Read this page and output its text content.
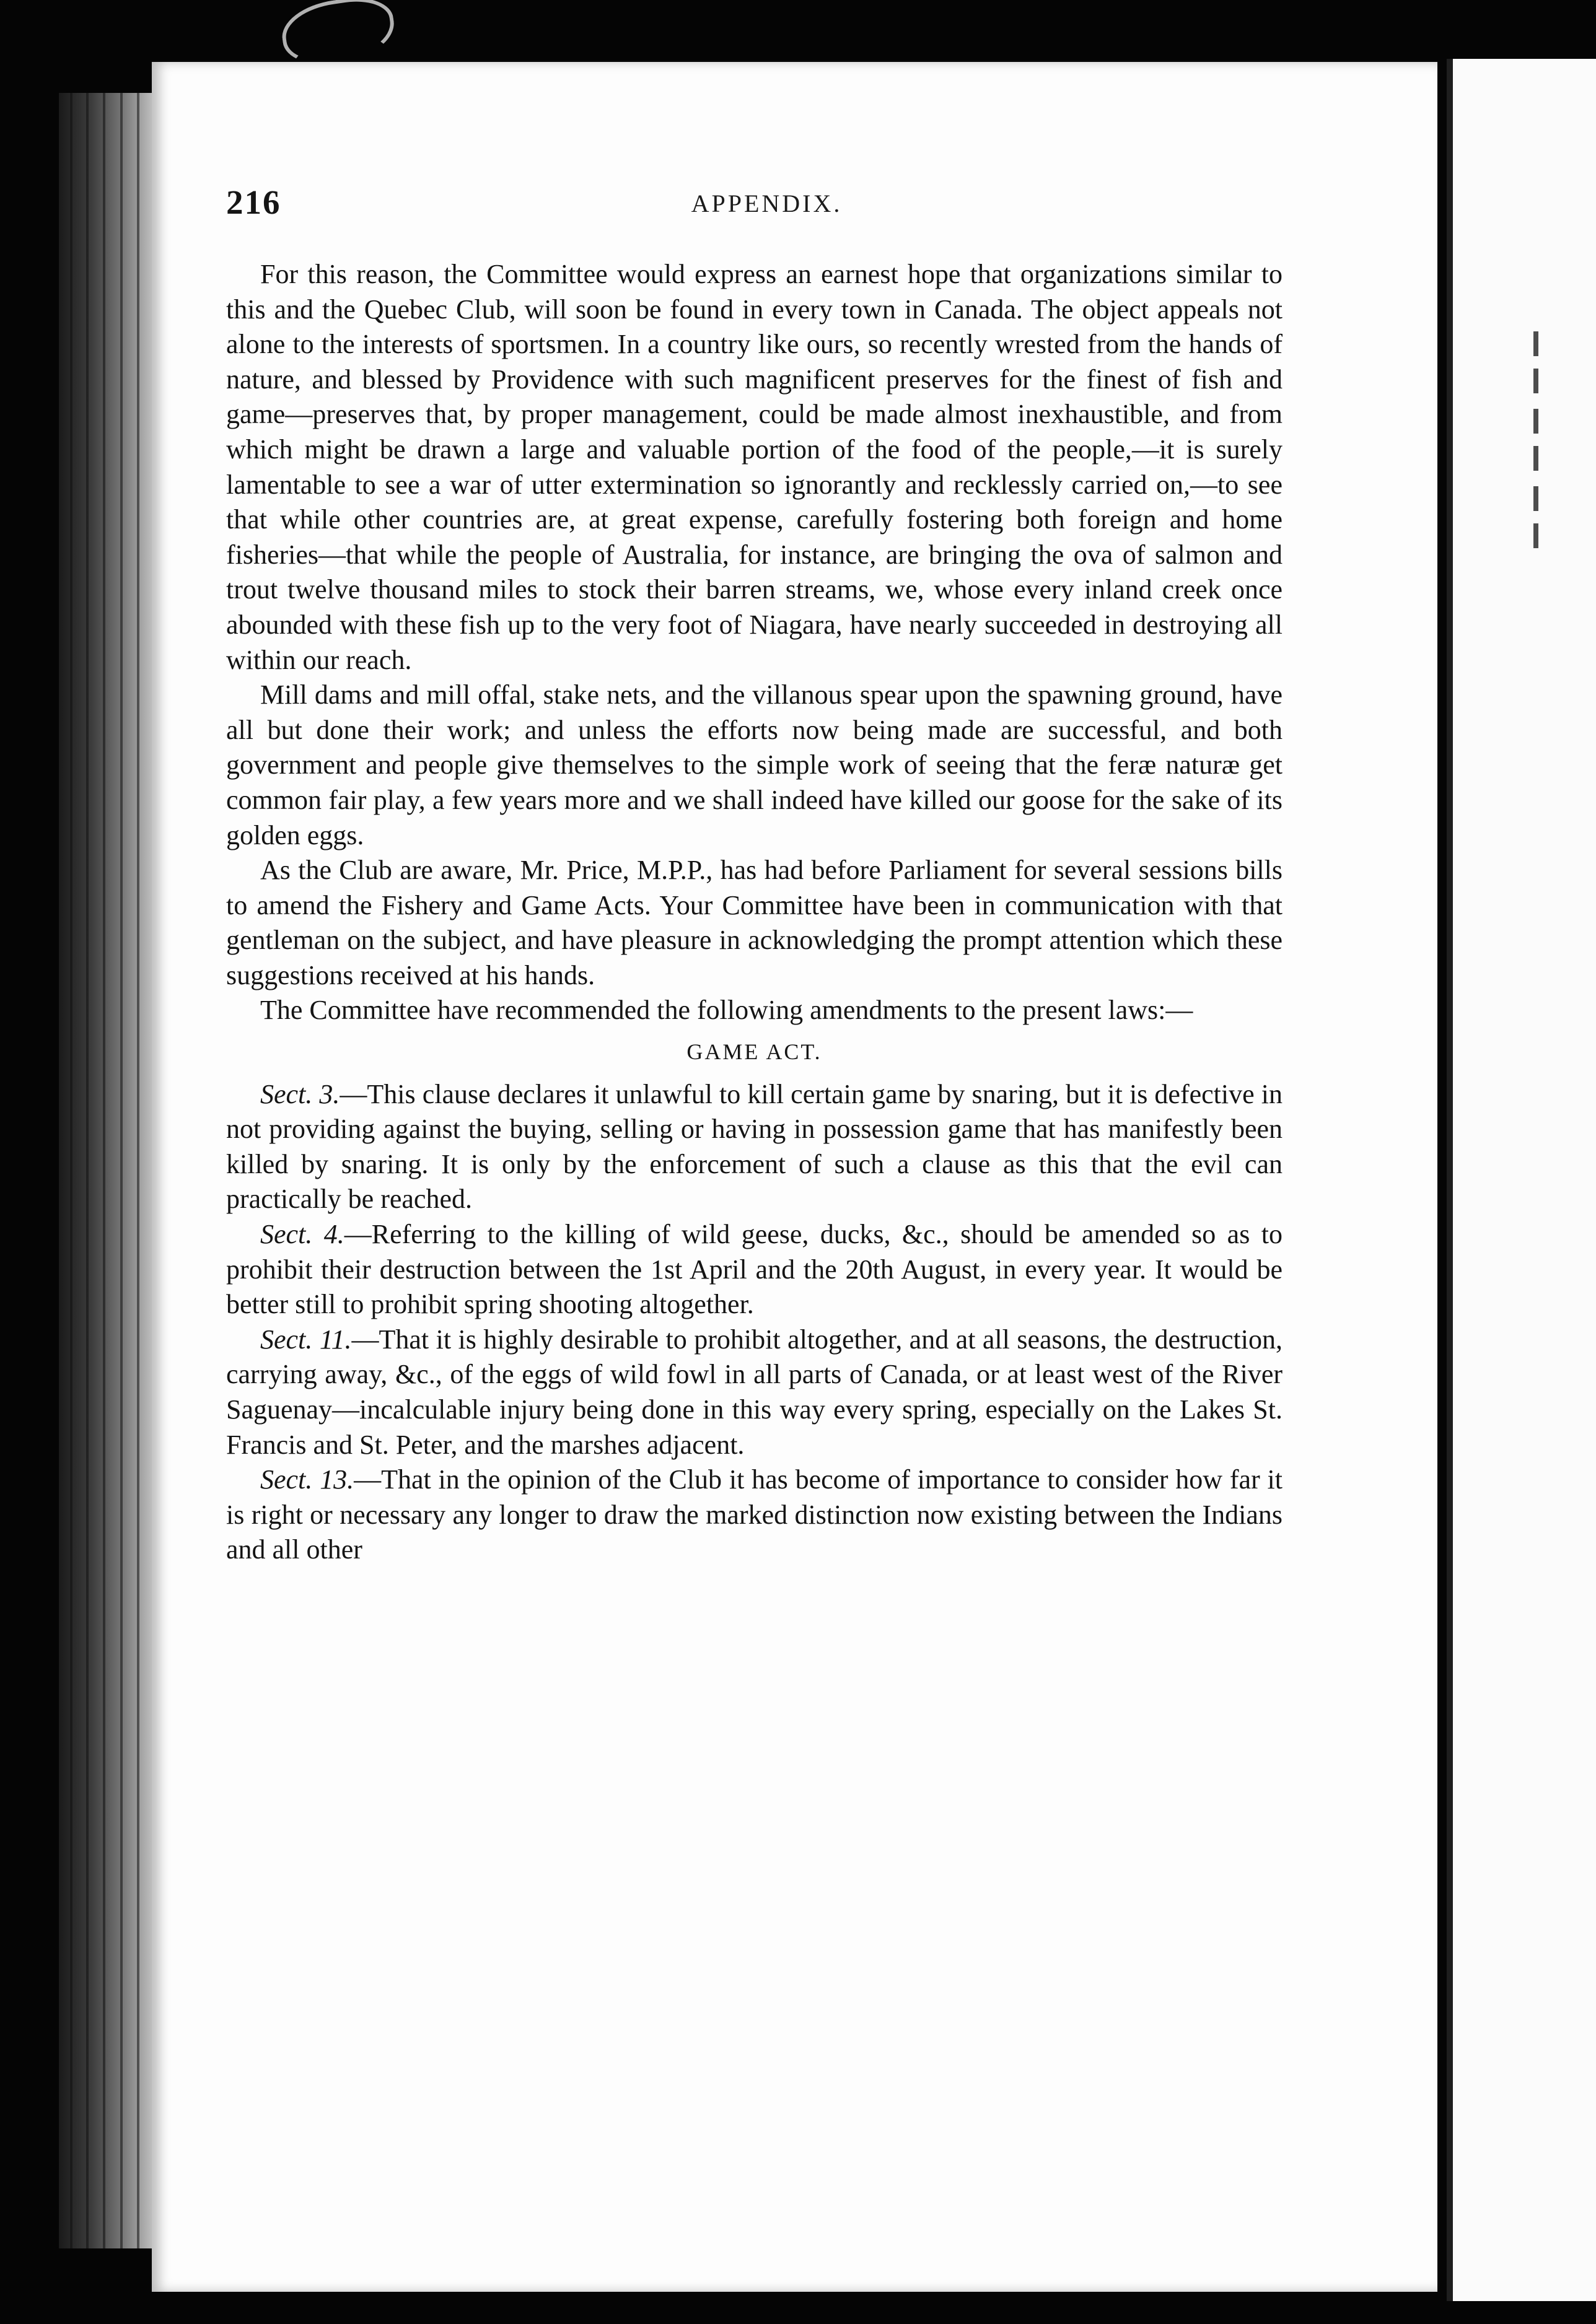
216	APPENDIX.

For this reason, the Committee would express an earnest hope that organizations similar to this and the Quebec Club, will soon be found in every town in Canada. The object appeals not alone to the interests of sportsmen. In a country like ours, so recently wrested from the hands of nature, and blessed by Providence with such magnificent preserves for the finest of fish and game—preserves that, by proper management, could be made almost inexhaustible, and from which might be drawn a large and valuable portion of the food of the people,—it is surely lamentable to see a war of utter extermination so ignorantly and recklessly carried on,—to see that while other countries are, at great expense, carefully fostering both foreign and home fisheries—that while the people of Australia, for instance, are bringing the ova of salmon and trout twelve thousand miles to stock their barren streams, we, whose every inland creek once abounded with these fish up to the very foot of Niagara, have nearly succeeded in destroying all within our reach.

Mill dams and mill offal, stake nets, and the villanous spear upon the spawning ground, have all but done their work; and unless the efforts now being made are successful, and both government and people give themselves to the simple work of seeing that the feræ naturæ get common fair play, a few years more and we shall indeed have killed our goose for the sake of its golden eggs.

As the Club are aware, Mr. Price, M.P.P., has had before Parliament for several sessions bills to amend the Fishery and Game Acts. Your Committee have been in communication with that gentleman on the subject, and have pleasure in acknowledging the prompt attention which these suggestions received at his hands.

The Committee have recommended the following amendments to the present laws:—

GAME ACT.

Sect. 3.—This clause declares it unlawful to kill certain game by snaring, but it is defective in not providing against the buying, selling or having in possession game that has manifestly been killed by snaring. It is only by the enforcement of such a clause as this that the evil can practically be reached.

Sect. 4.—Referring to the killing of wild geese, ducks, &c., should be amended so as to prohibit their destruction between the 1st April and the 20th August, in every year. It would be better still to prohibit spring shooting altogether.

Sect. 11.—That it is highly desirable to prohibit altogether, and at all seasons, the destruction, carrying away, &c., of the eggs of wild fowl in all parts of Canada, or at least west of the River Saguenay—incalculable injury being done in this way every spring, especially on the Lakes St. Francis and St. Peter, and the marshes adjacent.

Sect. 13.—That in the opinion of the Club it has become of importance to consider how far it is right or necessary any longer to draw the marked distinction now existing between the Indians and all other
